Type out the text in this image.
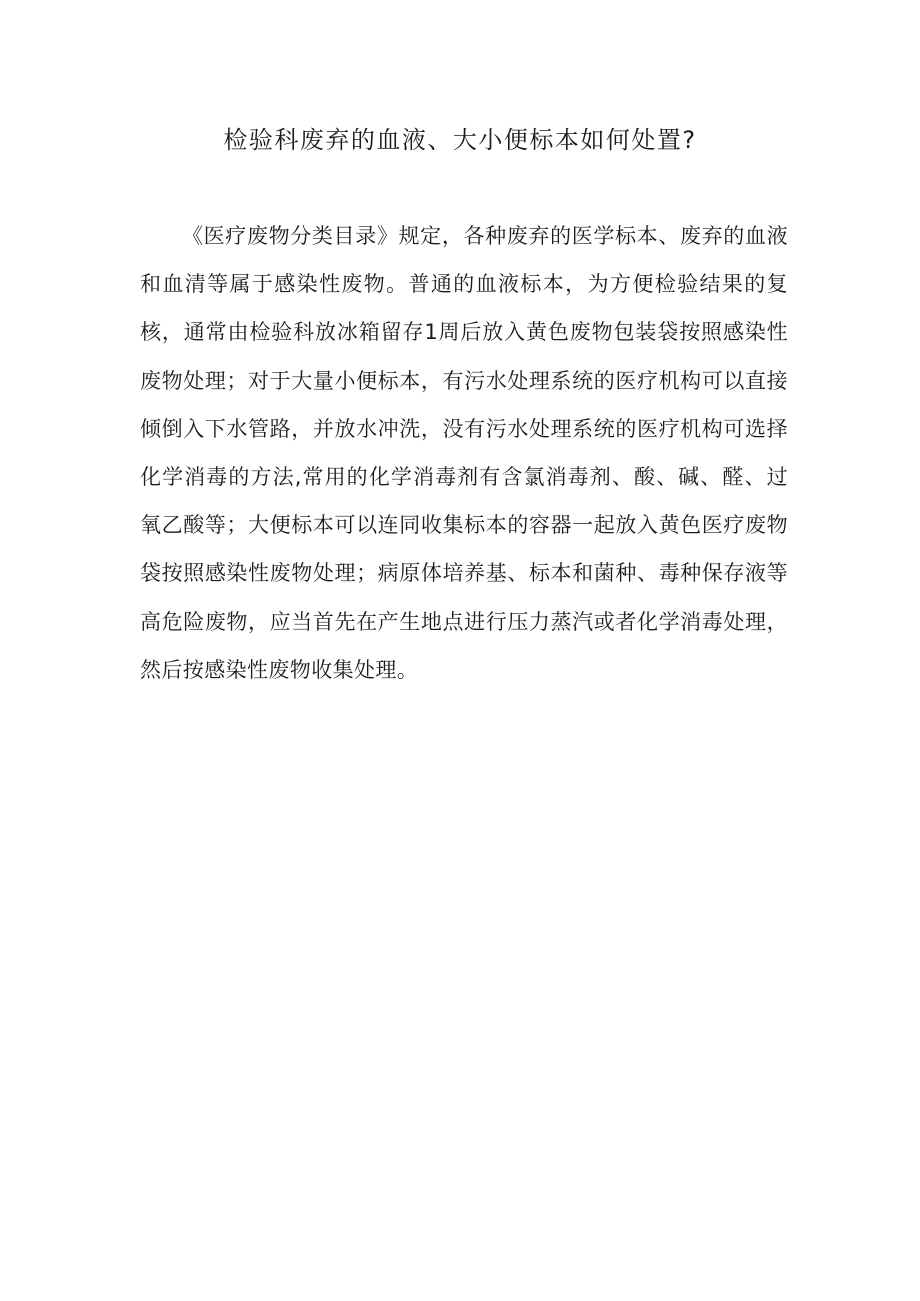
检验科废弃的血液、大小便标本如何处置?

《医疗废物分类目录》规定，各种废弃的医学标本、废弃的血液和血清等属于感染性废物。普通的血液标本，为方便检验结果的复核，通常由检验科放冰箱留存1周后放入黄色废物包装袋按照感染性废物处理；对于大量小便标本，有污水处理系统的医疗机构可以直接倾倒入下水管路，并放水冲洗，没有污水处理系统的医疗机构可选择化学消毒的方法,常用的化学消毒剂有含氯消毒剂、酸、碱、醛、过氧乙酸等；大便标本可以连同收集标本的容器一起放入黄色医疗废物袋按照感染性废物处理；病原体培养基、标本和菌种、毒种保存液等高危险废物，应当首先在产生地点进行压力蒸汽或者化学消毒处理，然后按感染性废物收集处理。
